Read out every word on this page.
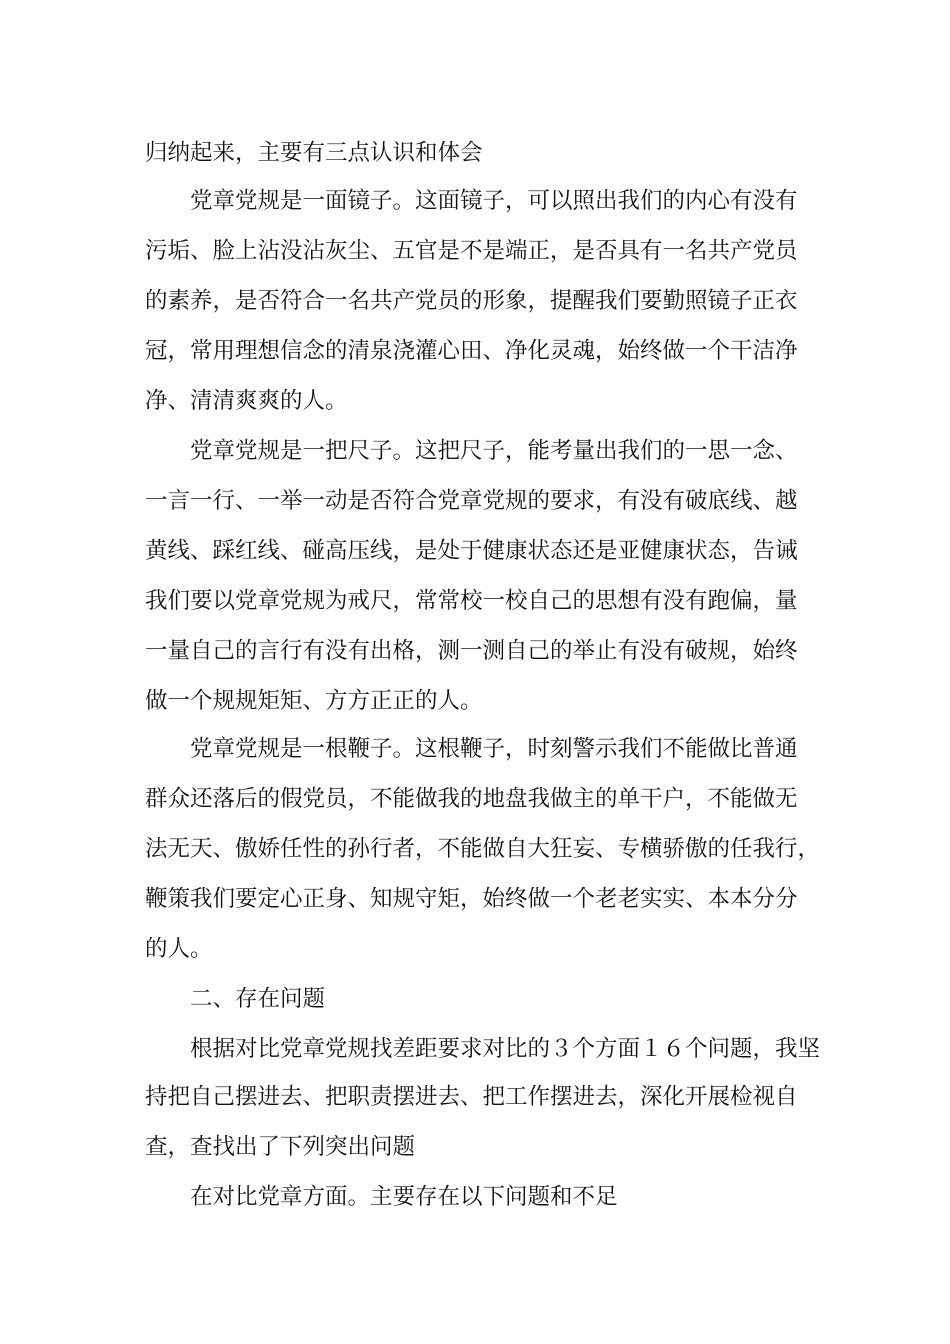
归纳起来，主要有三点认识和体会
党章党规是一面镜子。这面镜子，可以照出我们的内心有没有
污垢、脸上沾没沾灰尘、五官是不是端正，是否具有一名共产党员
的素养，是否符合一名共产党员的形象，提醒我们要勤照镜子正衣
冠，常用理想信念的清泉浇灌心田、净化灵魂，始终做一个干洁净
净、清清爽爽的人。
党章党规是一把尺子。这把尺子，能考量出我们的一思一念、
一言一行、一举一动是否符合党章党规的要求，有没有破底线、越
黄线、踩红线、碰高压线，是处于健康状态还是亚健康状态，告诫
我们要以党章党规为戒尺，常常校一校自己的思想有没有跑偏，量
一量自己的言行有没有出格，测一测自己的举止有没有破规，始终
做一个规规矩矩、方方正正的人。
党章党规是一根鞭子。这根鞭子，时刻警示我们不能做比普通
群众还落后的假党员，不能做我的地盘我做主的单干户，不能做无
法无天、傲娇任性的孙行者，不能做自大狂妄、专横骄傲的任我行，
鞭策我们要定心正身、知规守矩，始终做一个老老实实、本本分分
的人。
二、存在问题
根据对比党章党规找差距要求对比的３个方面１６个问题，我坚
持把自己摆进去、把职责摆进去、把工作摆进去，深化开展检视自
查，查找出了下列突出问题
在对比党章方面。主要存在以下问题和不足
